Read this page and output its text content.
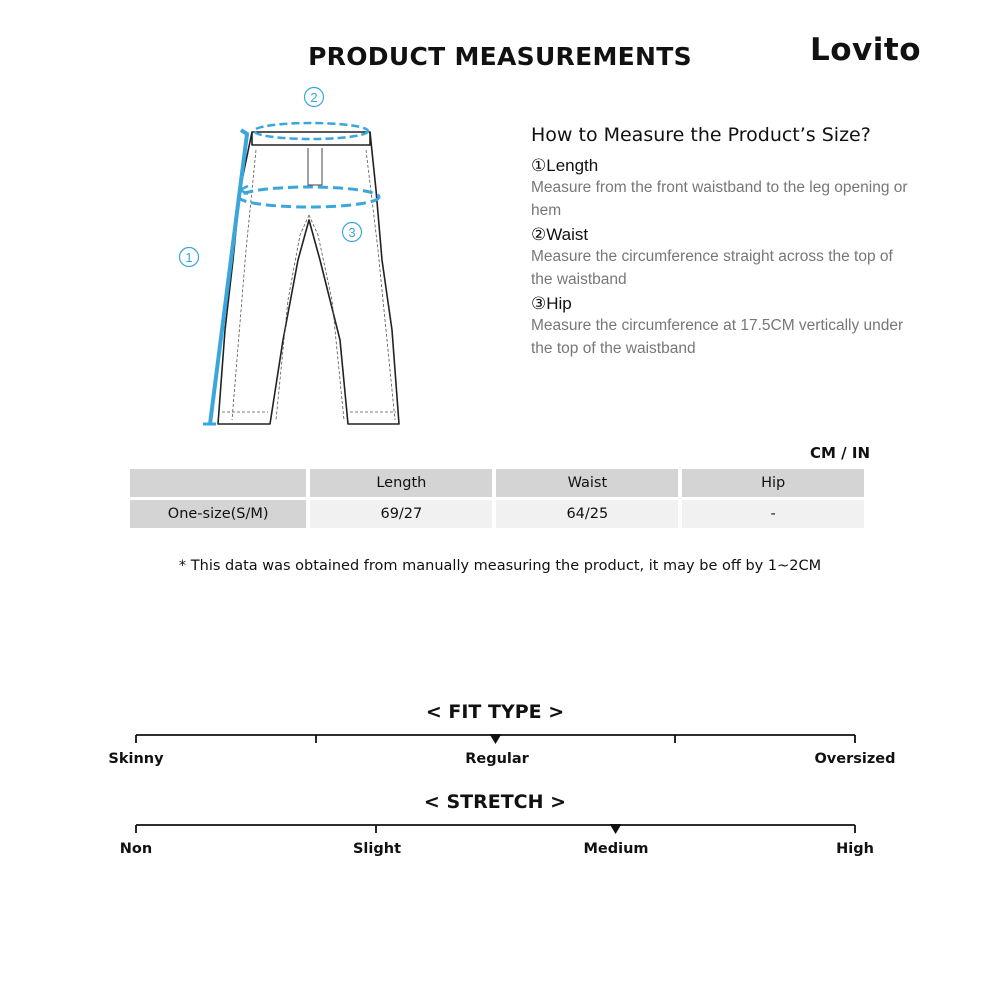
PRODUCT MEASUREMENTS	Lovito
1
2
3
How to Measure the Product’s Size?
①Length
Measure from the front waistband to the leg opening or hem
②Waist
Measure the circumference straight across the top of the waistband
③Hip
Measure the circumference at 17.5CM vertically under the top of the waistband
CM / IN
	Length	Waist	Hip
One-size(S/M)	69/27	64/25	-
* This data was obtained from manually measuring the product, it may be off by 1~2CM
< FIT TYPE >
Skinny	Regular	Oversized
< STRETCH >
Non	Slight	Medium	High
